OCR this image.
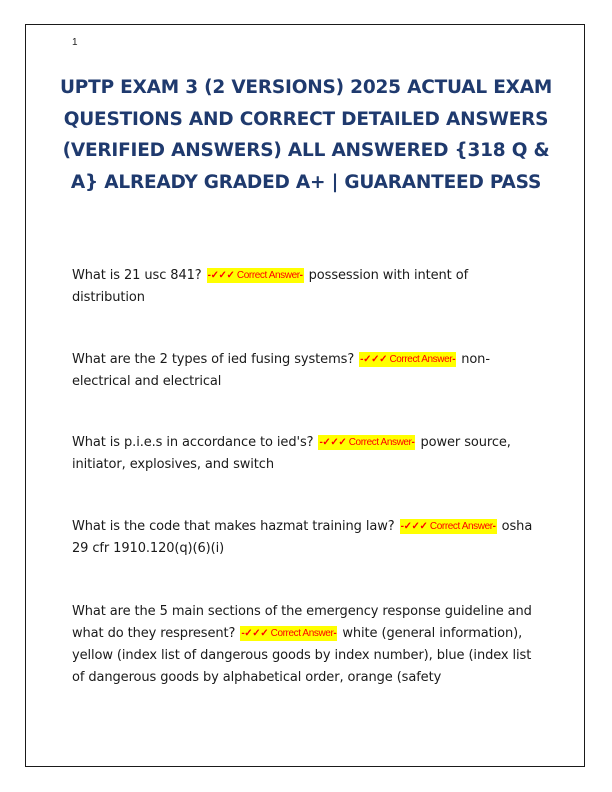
1
UPTP EXAM 3 (2 VERSIONS) 2025 ACTUAL EXAM QUESTIONS AND CORRECT DETAILED ANSWERS (VERIFIED ANSWERS) ALL ANSWERED {318 Q & A} ALREADY GRADED A+ | GUARANTEED PASS
What is 21 usc 841? -✓✓✓ Correct Answer- possession with intent of distribution
What are the 2 types of ied fusing systems? -✓✓✓ Correct Answer- non-electrical and electrical
What is p.i.e.s in accordance to ied's? -✓✓✓ Correct Answer- power source, initiator, explosives, and switch
What is the code that makes hazmat training law? -✓✓✓ Correct Answer- osha 29 cfr 1910.120(q)(6)(i)
What are the 5 main sections of the emergency response guideline and what do they respresent? -✓✓✓ Correct Answer- white (general information), yellow (index list of dangerous goods by index number), blue (index list of dangerous goods by alphabetical order, orange (safety
